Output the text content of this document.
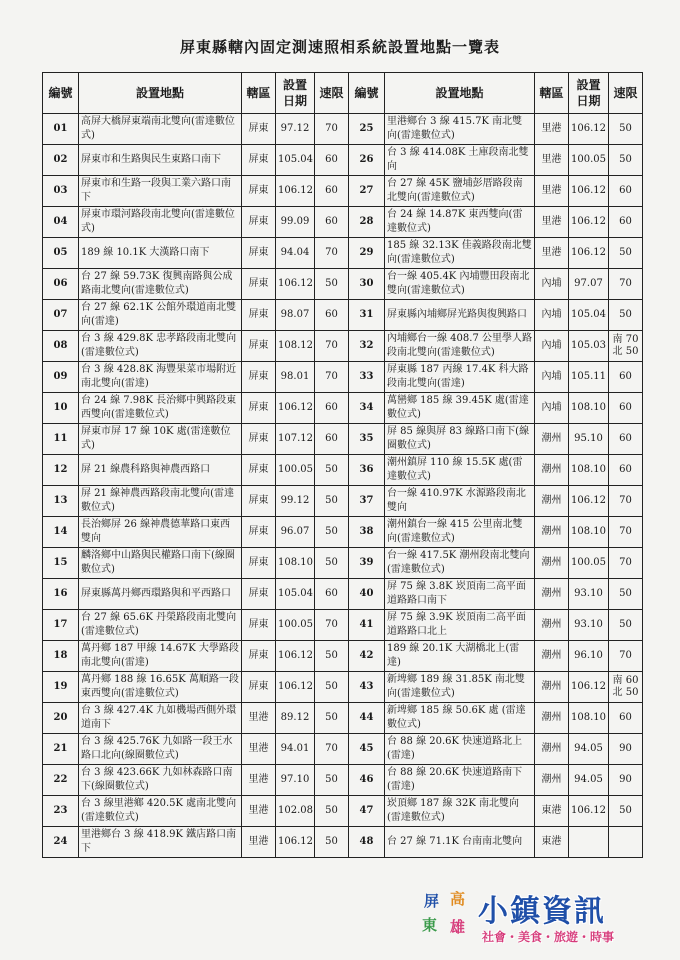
屏東縣轄內固定測速照相系統設置地點一覽表
編號	設置地點	轄區	設置日期	速限	編號	設置地點	轄區	設置日期	速限
01	高屏大橋屏東端南北雙向(雷達數位式)	屏東	97.12	70	25	里港鄉台 3 線 415.7K 南北雙向(雷達數位式)	里港	106.12	50
02	屏東市和生路與民生東路口南下	屏東	105.04	60	26	台 3 線 414.08K 土庫段南北雙向	里港	100.05	50
03	屏東市和生路一段與工業六路口南下	屏東	106.12	60	27	台 27 線 45K 鹽埔彭厝路段南北雙向(雷達數位式)	里港	106.12	60
04	屏東市環河路段南北雙向(雷達數位式)	屏東	99.09	60	28	台 24 線 14.87K 東西雙向(雷達數位式)	里港	106.12	60
05	189 線 10.1K 大漢路口南下	屏東	94.04	70	29	185 線 32.13K 佳義路段南北雙向(雷達數位式)	里港	106.12	50
06	台 27 線 59.73K 復興南路與公成路南北雙向(雷達數位式)	屏東	106.12	50	30	台一線 405.4K 內埔豐田段南北雙向(雷達數位式)	內埔	97.07	70
07	台 27 線 62.1K 公館外環道南北雙向(雷達)	屏東	98.07	60	31	屏東縣內埔鄉屏光路與復興路口	內埔	105.04	50
08	台 3 線 429.8K 忠孝路段南北雙向(雷達數位式)	屏東	108.12	70	32	內埔鄉台一線 408.7 公里學人路段南北雙向(雷達數位式)	內埔	105.03	南 70
北 50
09	台 3 線 428.8K 海豐果菜市場附近南北雙向(雷達)	屏東	98.01	70	33	屏東縣 187 丙線 17.4K 科大路段南北雙向(雷達)	內埔	105.11	60
10	台 24 線 7.98K 長治鄉中興路段東西雙向(雷達數位式)	屏東	106.12	60	34	萬巒鄉 185 線 39.45K 處(雷達數位式)	內埔	108.10	60
11	屏東市屏 17 線 10K 處(雷達數位式)	屏東	107.12	60	35	屏 85 線與屏 83 線路口南下(線圈數位式)	潮州	95.10	60
12	屏 21 線農科路與神農西路口	屏東	100.05	50	36	潮州鎮屏 110 線 15.5K 處(雷達數位式)	潮州	108.10	60
13	屏 21 線神農西路段南北雙向(雷達數位式)	屏東	99.12	50	37	台一線 410.97K 水源路段南北雙向	潮州	106.12	70
14	長治鄉屏 26 線神農德華路口東西雙向	屏東	96.07	50	38	潮州鎮台一線 415 公里南北雙向(雷達數位式)	潮州	108.10	70
15	麟洛鄉中山路與民權路口南下(線圈數位式)	屏東	108.10	50	39	台一線 417.5K 潮州段南北雙向(雷達數位式)	潮州	100.05	70
16	屏東縣萬丹鄉西環路與和平西路口	屏東	105.04	60	40	屏 75 線 3.8K 崁頂南二高平面道路路口南下	潮州	93.10	50
17	台 27 線 65.6K 丹榮路段南北雙向(雷達數位式)	屏東	100.05	70	41	屏 75 線 3.9K 崁頂南二高平面道路路口北上	潮州	93.10	50
18	萬丹鄉 187 甲線 14.67K 大學路段南北雙向(雷達)	屏東	106.12	50	42	189 線 20.1K 大湖橋北上(雷達)	潮州	96.10	70
19	萬丹鄉 188 線 16.65K 萬順路一段東西雙向(雷達數位式)	屏東	106.12	50	43	新埤鄉 189 線 31.85K 南北雙向(雷達數位式)	潮州	106.12	南 60
北 50
20	台 3 線 427.4K 九如機場西側外環道南下	里港	89.12	50	44	新埤鄉 185 線 50.6K 處 (雷達數位式)	潮州	108.10	60
21	台 3 線 425.76K 九如路一段王水路口北向(線圈數位式)	里港	94.01	70	45	台 88 線 20.6K 快速道路北上(雷達)	潮州	94.05	90
22	台 3 線 423.66K 九如林森路口南下(線圈數位式)	里港	97.10	50	46	台 88 線 20.6K 快速道路南下(雷達)	潮州	94.05	90
23	台 3 線里港鄉 420.5K 處南北雙向(雷達數位式)	里港	102.08	50	47	崁頂鄉 187 線 32K 南北雙向(雷達數位式)	東港	106.12	50
24	里港鄉台 3 線 418.9K 鐵店路口南下	里港	106.12	50	48	台 27 線 71.1K 台南南北雙向	東港		
屏 高
東 雄 小鎮資訊
社會・美食・旅遊・時事
